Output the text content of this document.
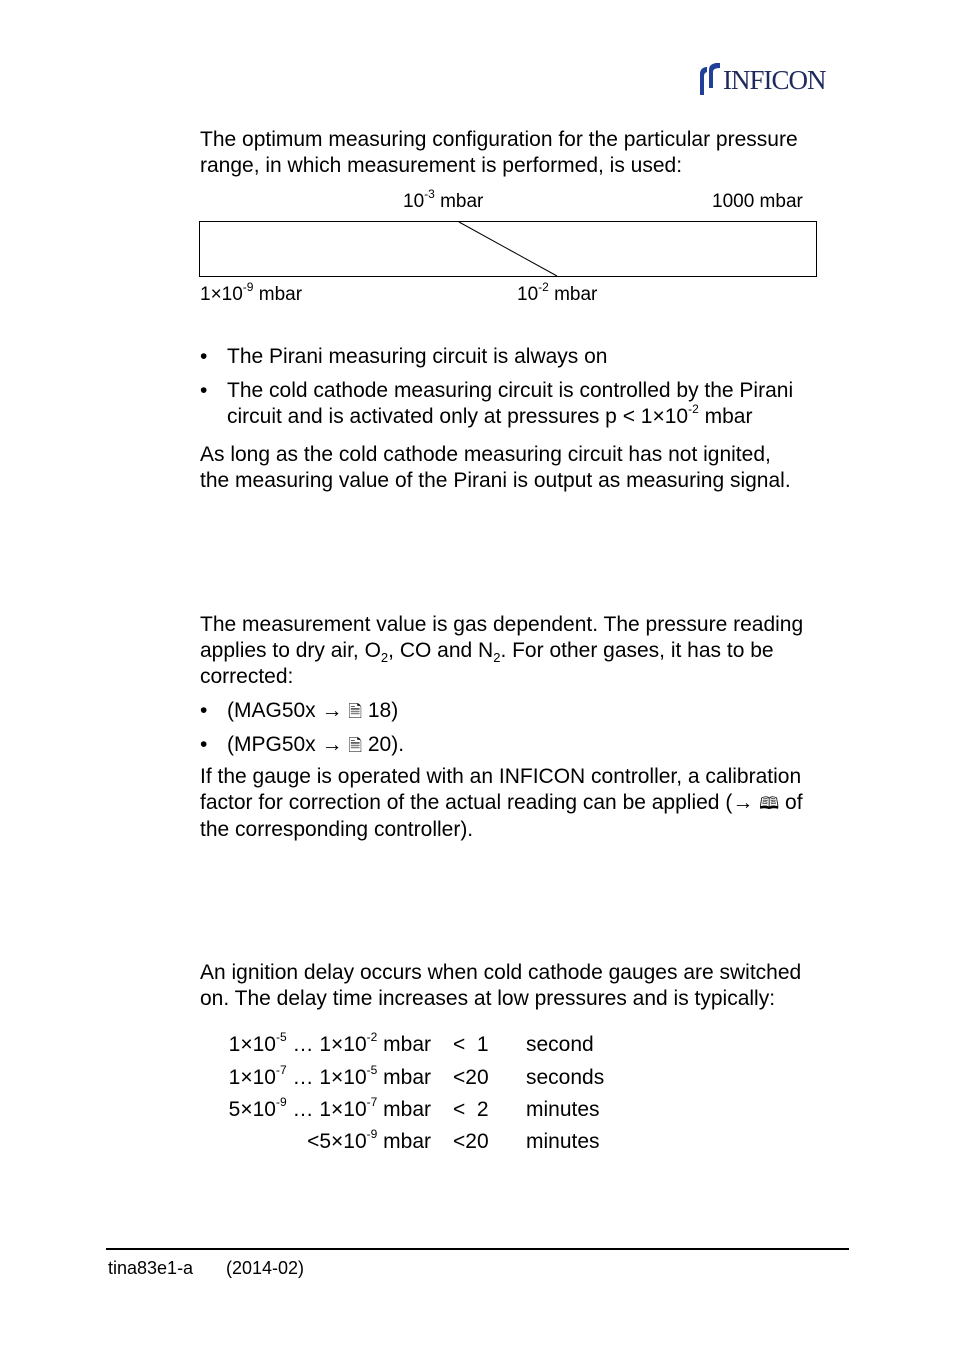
INFICON

The optimum measuring configuration for the particular pressure
range, in which measurement is performed, is used:

$10^{-3}$ mbar	1000 mbar
$1\times 10^{-9}$ mbar	$10^{-2}$ mbar
• The Pirani measuring circuit is always on
• The cold cathode measuring circuit is controlled by the Pirani
circuit and is activated only at pressures $p < 1\times 10^{-2}$ mbar

As long as the cold cathode measuring circuit has not ignited,
the measuring value of the Pirani is output as measuring signal.

The measurement value is gas dependent. The pressure reading
applies to dry air, $O_2$, CO and $N_2$. For other gases, it has to be
corrected:

• (MAG50x → 🗎 18)
• (MPG50x → 🗎 20).

If the gauge is operated with an INFICON controller, a calibration
factor for correction of the actual reading can be applied (→ 🕮 of
the corresponding controller).

An ignition delay occurs when cold cathode gauges are switched
on. The delay time increases at low pressures and is typically:

$1\times 10^{-5}$ … $1\times 10^{-2}$ mbar <  1 second
$1\times 10^{-7}$ … $1\times 10^{-5}$ mbar <20 seconds
$5\times 10^{-9}$ … $1\times 10^{-7}$ mbar <  2 minutes
$<5\times 10^{-9}$ mbar <20 minutes
tina83e1-a (2014-02)
